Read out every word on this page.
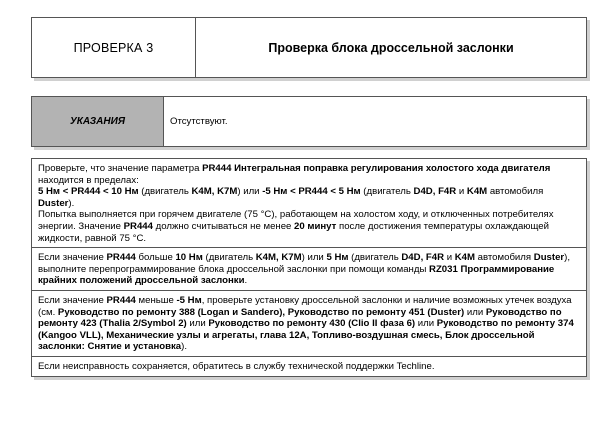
ПРОВЕРКА 3	Проверка блока дроссельной заслонки
УКАЗАНИЯ	Отсутствуют.
Проверьте, что значение параметра PR444 Интегральная поправка регулирования холостого хода двигателя находится в пределах:
5 Нм < PR444 < 10 Нм (двигатель K4M, K7M) или -5 Нм < PR444 < 5 Нм (двигатель D4D, F4R и K4M автомобиля Duster).
Попытка выполняется при горячем двигателе (75 °C), работающем на холостом ходу, и отключенных потребителях энергии. Значение PR444 должно считываться не менее 20 минут после достижения температуры охлаждающей жидкости, равной 75 °C.
Если значение PR444 больше 10 Нм (двигатель K4M, K7M) или 5 Нм (двигатель D4D, F4R и K4M автомобиля Duster), выполните перепрограммирование блока дроссельной заслонки при помощи команды RZ031 Программирование крайних положений дроссельной заслонки.
Если значение PR444 меньше -5 Нм, проверьте установку дроссельной заслонки и наличие возможных утечек воздуха (см. Руководство по ремонту 388 (Logan и Sandero), Руководство по ремонту 451 (Duster) или Руководство по ремонту 423 (Thalia 2/Symbol 2) или Руководство по ремонту 430 (Clio II фаза 6) или Руководство по ремонту 374 (Kangoo VLL), Механические узлы и агрегаты, глава 12A, Топливо-воздушная смесь, Блок дроссельной заслонки: Снятие и установка).
Если неисправность сохраняется, обратитесь в службу технической поддержки Techline.
